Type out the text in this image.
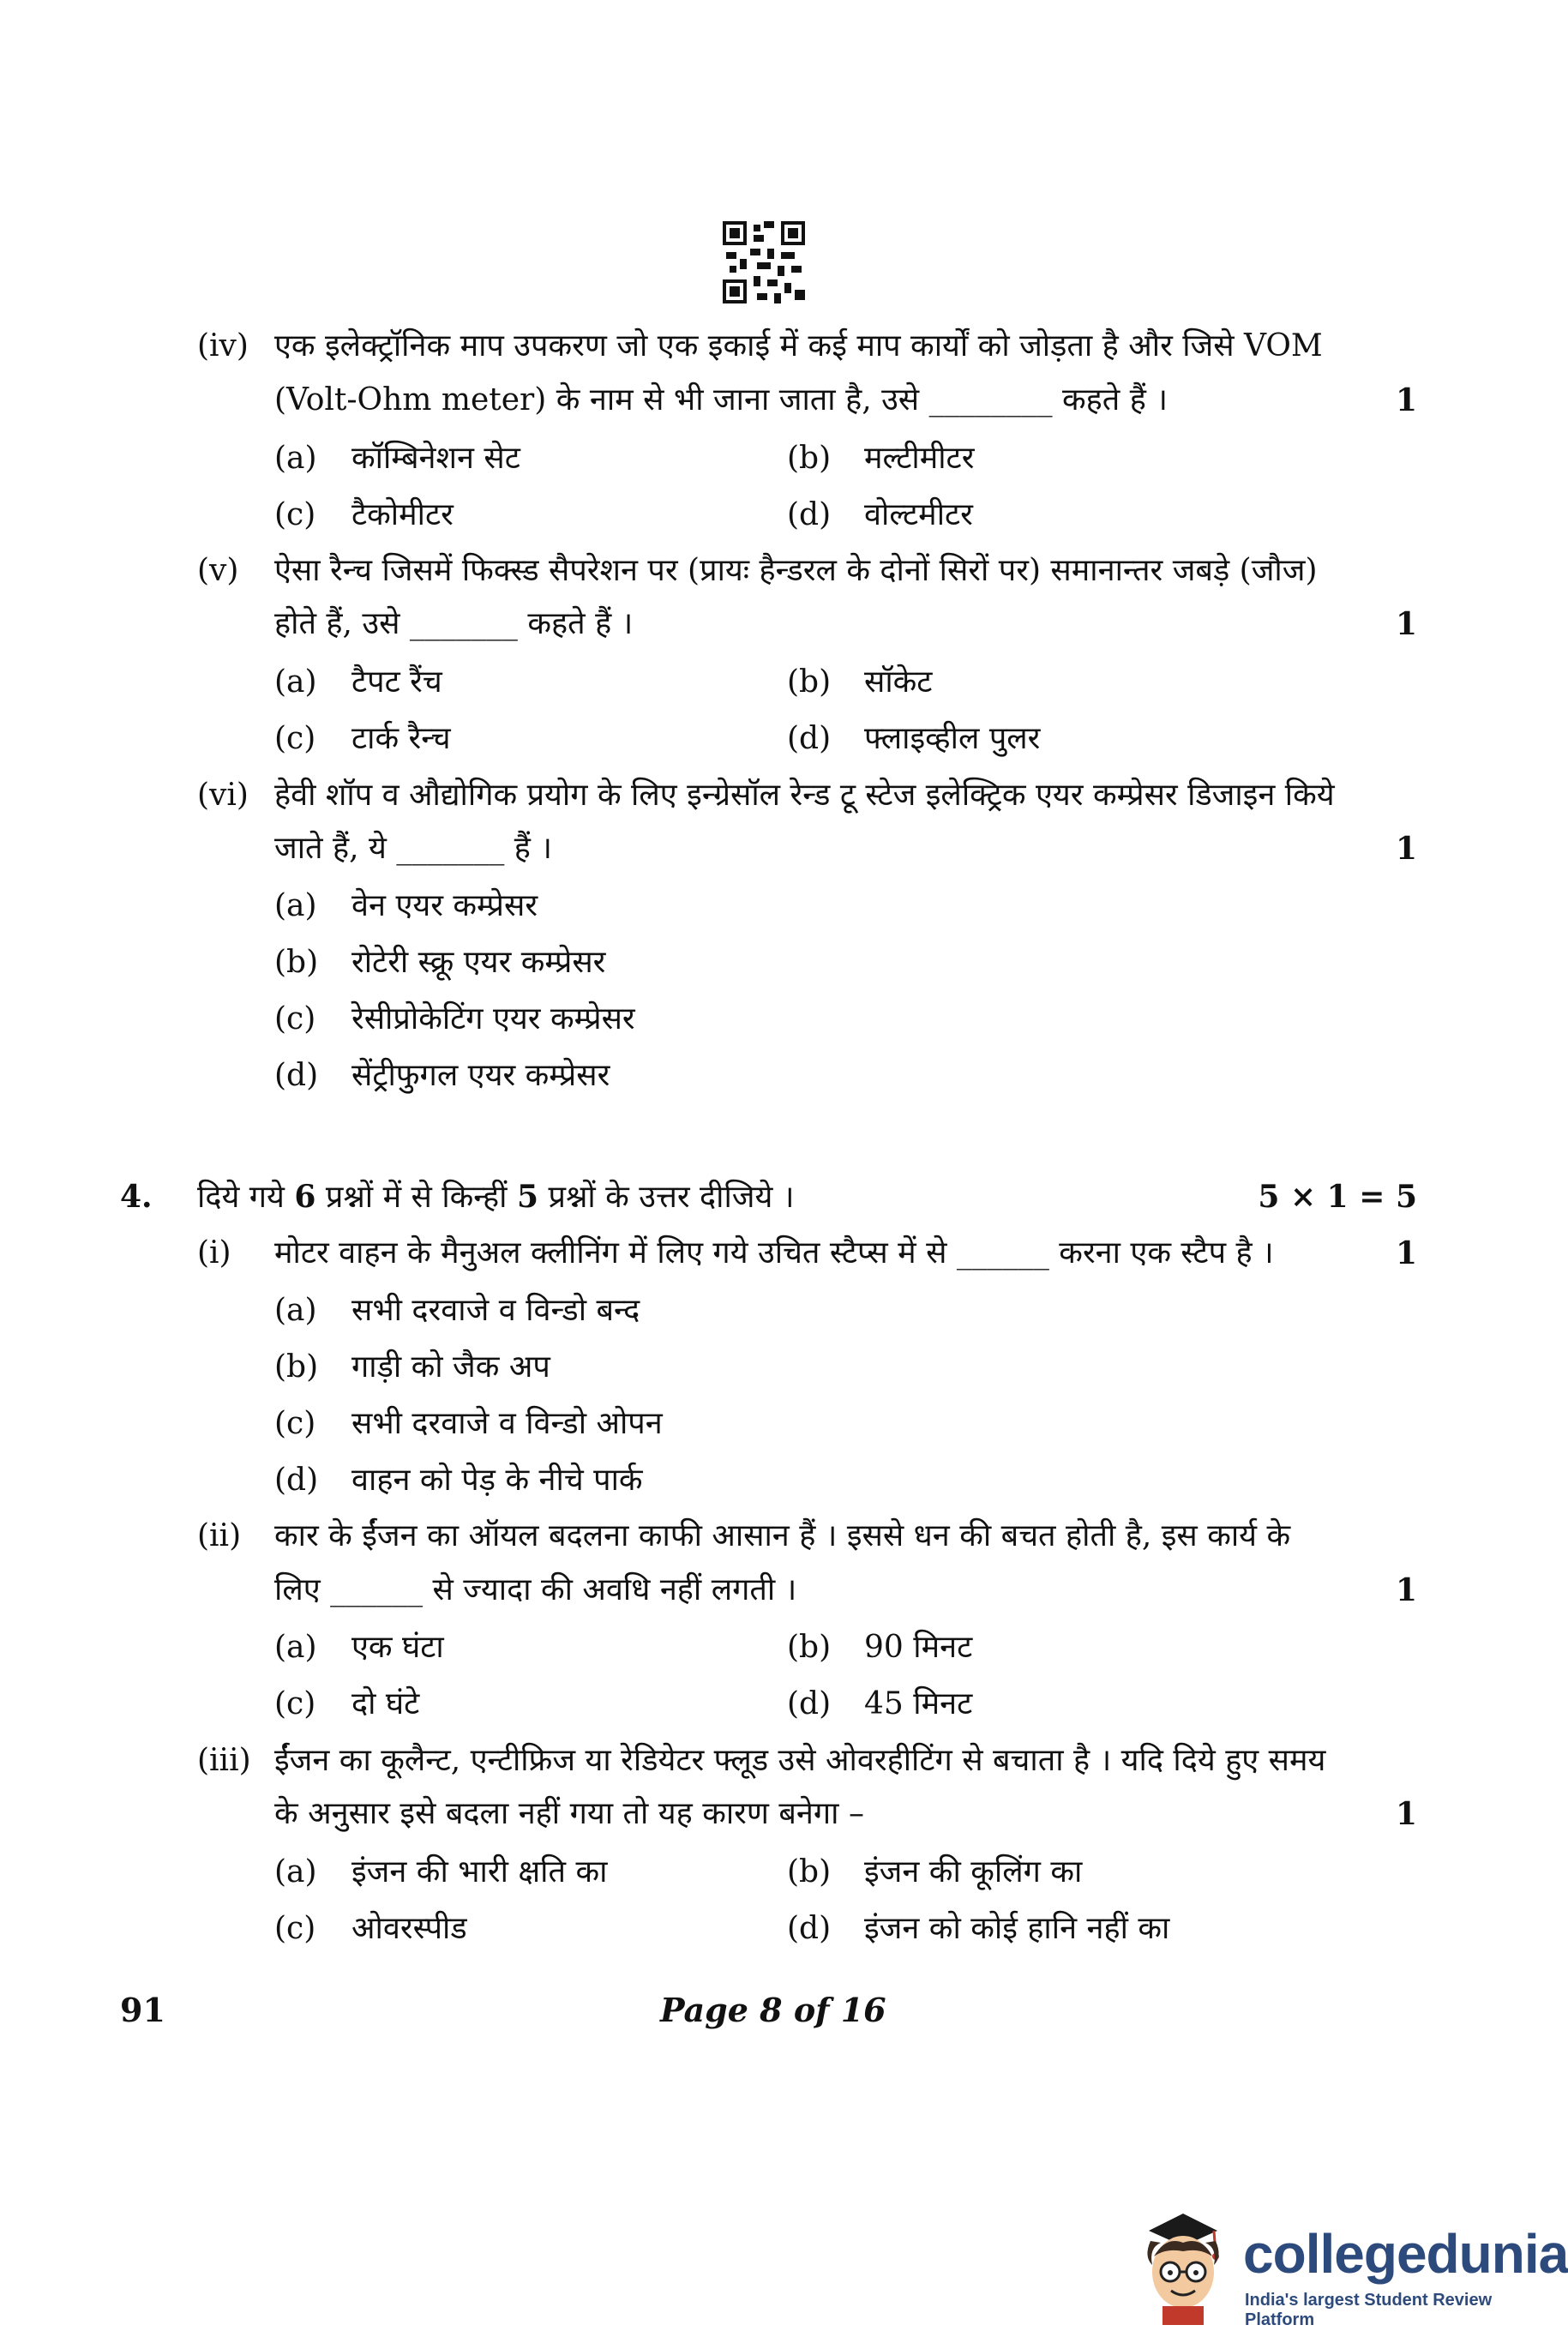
(iv) एक इलेक्ट्रॉनिक माप उपकरण जो एक इकाई में कई माप कार्यों को जोड़ता है और जिसे VOM
(Volt-Ohm meter) के नाम से भी जाना जाता है, उसे ________ कहते हैं ।	1
(a) कॉम्बिनेशन सेट	(b) मल्टीमीटर
(c) टैकोमीटर	(d) वोल्टमीटर
(v) ऐसा रैन्च जिसमें फिक्स्ड सैपरेशन पर (प्रायः हैन्डरल के दोनों सिरों पर) समानान्तर जबड़े (जौज)
होते हैं, उसे _______ कहते हैं ।	1
(a) टैपट रैंच	(b) सॉकेट
(c) टार्क रैन्च	(d) फ्लाइव्हील पुलर
(vi) हेवी शॉप व औद्योगिक प्रयोग के लिए इन्ग्रेसॉल रेन्ड टू स्टेज इलेक्ट्रिक एयर कम्प्रेसर डिजाइन किये
जाते हैं, ये _______ हैं ।	1
(a) वेन एयर कम्प्रेसर
(b) रोटेरी स्क्रू एयर कम्प्रेसर
(c) रेसीप्रोकेटिंग एयर कम्प्रेसर
(d) सेंट्रीफुगल एयर कम्प्रेसर
4. दिये गये 6 प्रश्नों में से किन्हीं 5 प्रश्नों के उत्तर दीजिये ।	5 × 1 = 5
(i) मोटर वाहन के मैनुअल क्लीनिंग में लिए गये उचित स्टैप्स में से ______ करना एक स्टैप है ।	1
(a) सभी दरवाजे व विन्डो बन्द
(b) गाड़ी को जैक अप
(c) सभी दरवाजे व विन्डो ओपन
(d) वाहन को पेड़ के नीचे पार्क
(ii) कार के ईंजन का ऑयल बदलना काफी आसान हैं । इससे धन की बचत होती है, इस कार्य के
लिए ______ से ज्यादा की अवधि नहीं लगती ।	1
(a) एक घंटा	(b) 90 मिनट
(c) दो घंटे	(d) 45 मिनट
(iii) ईंजन का कूलैन्ट, एन्टीफ्रिज या रेडियेटर फ्लूड उसे ओवरहीटिंग से बचाता है । यदि दिये हुए समय
के अनुसार इसे बदला नहीं गया तो यह कारण बनेगा –	1
(a) इंजन की भारी क्षति का	(b) इंजन की कूलिंग का
(c) ओवरस्पीड	(d) इंजन को कोई हानि नहीं का
91	Page 8 of 16
collegedunia
India's largest Student Review Platform
